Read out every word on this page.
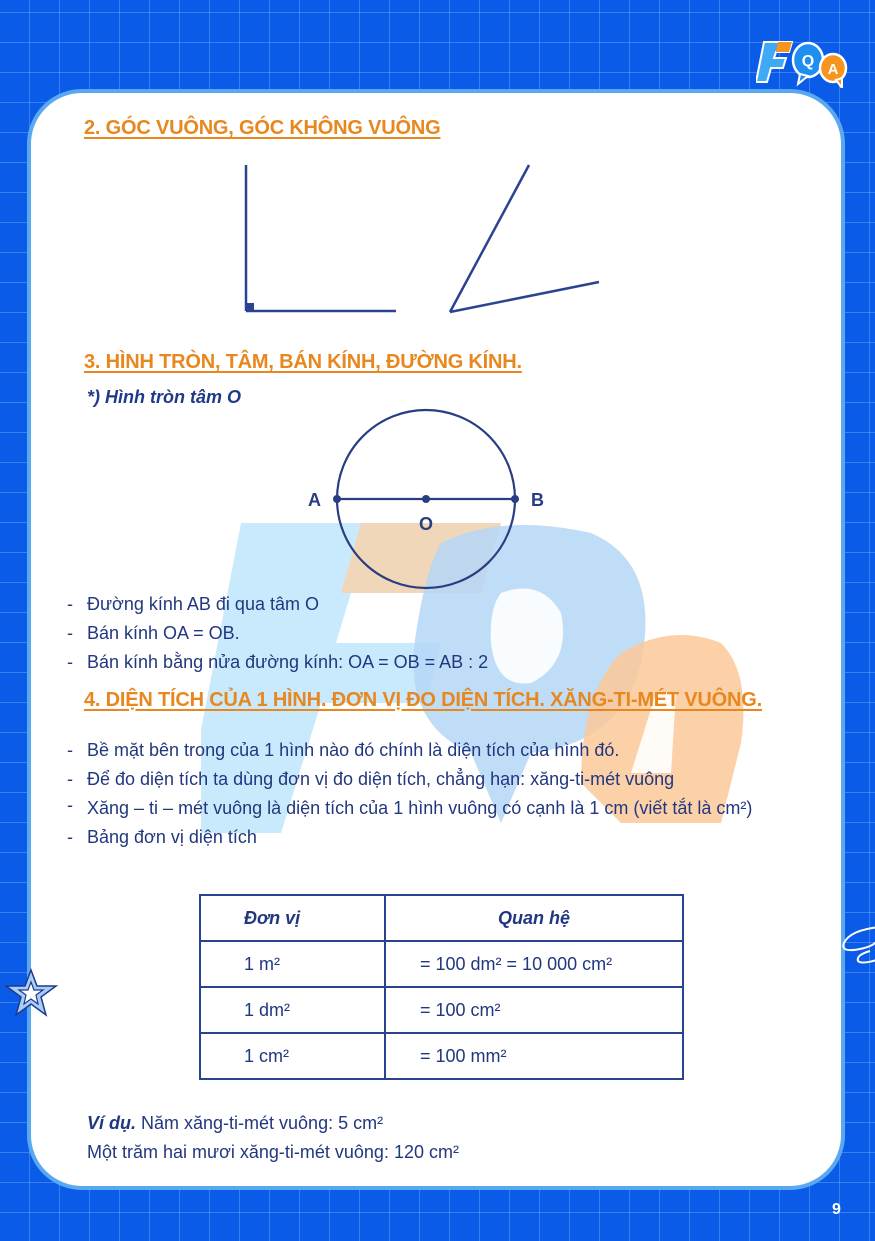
Q A
2. GÓC VUÔNG, GÓC KHÔNG VUÔNG
3. HÌNH TRÒN, TÂM, BÁN KÍNH, ĐƯỜNG KÍNH.

*) Hình tròn tâm O

A	B
O
- Đường kính AB đi qua tâm O
- Bán kính OA = OB.
- Bán kính bằng nửa đường kính: OA = OB = AB : 2
4. DIỆN TÍCH CỦA 1 HÌNH. ĐƠN VỊ ĐO DIỆN TÍCH. XĂNG-TI-MÉT VUÔNG.
- Bề mặt bên trong của 1 hình nào đó chính là diện tích của hình đó.
- Để đo diện tích ta dùng đơn vị đo diện tích, chẳng hạn: xăng-ti-mét vuông
- Xăng – ti – mét vuông là diện tích của 1 hình vuông có cạnh là 1 cm (viết tắt là cm²)
- Bảng đơn vị diện tích
Đơn vị	Quan hệ
1 m²	= 100 dm² = 10 000 cm²
1 dm²	= 100 cm²
1 cm²	= 100 mm²
Ví dụ. Năm xăng-ti-mét vuông: 5 cm²
Một trăm hai mươi xăng-ti-mét vuông: 120 cm²
9
